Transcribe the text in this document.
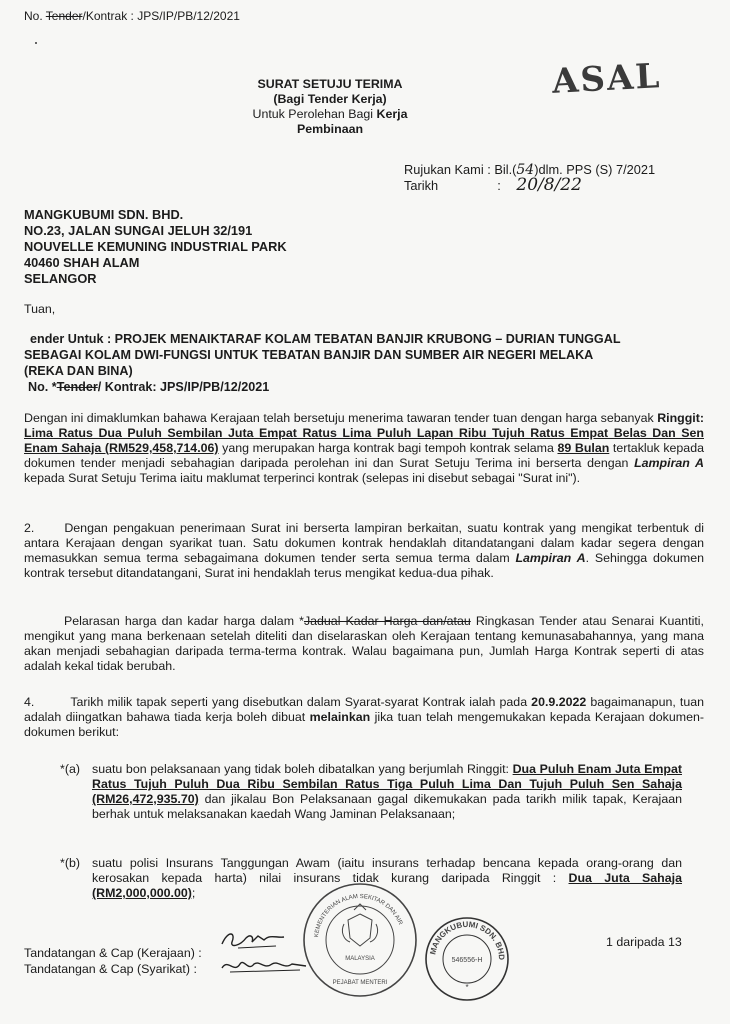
No. Tender/Kontrak : JPS/IP/PB/12/2021
SURAT SETUJU TERIMA
(Bagi Tender Kerja)
Untuk Perolehan Bagi Kerja
Pembinaan
ASAL
Rujukan Kami : Bil.(54)dlm. PPS (S) 7/2021
Tarikh	: 20/8/22
MANGKUBUMI SDN. BHD.
NO.23, JALAN SUNGAI JELUH 32/191
NOUVELLE KEMUNING INDUSTRIAL PARK
40460 SHAH ALAM
SELANGOR
Tuan,
ender Untuk : PROJEK MENAIKTARAF KOLAM TEBATAN BANJIR KRUBONG – DURIAN TUNGGAL
SEBAGAI KOLAM DWI-FUNGSI UNTUK TEBATAN BANJIR DAN SUMBER AIR NEGERI MELAKA
(REKA DAN BINA)
No. *Tender/ Kontrak: JPS/IP/PB/12/2021
Dengan ini dimaklumkan bahawa Kerajaan telah bersetuju menerima tawaran tender tuan dengan harga sebanyak Ringgit: Lima Ratus Dua Puluh Sembilan Juta Empat Ratus Lima Puluh Lapan Ribu Tujuh Ratus Empat Belas Dan Sen Enam Sahaja (RM529,458,714.06) yang merupakan harga kontrak bagi tempoh kontrak selama 89 Bulan tertakluk kepada dokumen tender menjadi sebahagian daripada perolehan ini dan Surat Setuju Terima ini berserta dengan Lampiran A kepada Surat Setuju Terima iaitu maklumat terperinci kontrak (selepas ini disebut sebagai "Surat ini").
2. Dengan pengakuan penerimaan Surat ini berserta lampiran berkaitan, suatu kontrak yang mengikat terbentuk di antara Kerajaan dengan syarikat tuan. Satu dokumen kontrak hendaklah ditandatangani dalam kadar segera dengan memasukkan semua terma sebagaimana dokumen tender serta semua terma dalam Lampiran A. Sehingga dokumen kontrak tersebut ditandatangani, Surat ini hendaklah terus mengikat kedua-dua pihak.
Pelarasan harga dan kadar harga dalam *Jadual Kadar Harga dan/atau Ringkasan Tender atau Senarai Kuantiti, mengikut yang mana berkenaan setelah diteliti dan diselaraskan oleh Kerajaan tentang kemunasabahannya, yang mana akan menjadi sebahagian daripada terma-terma kontrak. Walau bagaimana pun, Jumlah Harga Kontrak seperti di atas adalah kekal tidak berubah.
4.	Tarikh milik tapak seperti yang disebutkan dalam Syarat-syarat Kontrak ialah pada 20.9.2022 bagaimanapun, tuan adalah diingatkan bahawa tiada kerja boleh dibuat melainkan jika tuan telah mengemukakan kepada Kerajaan dokumen-dokumen berikut:
*(a) suatu bon pelaksanaan yang tidak boleh dibatalkan yang berjumlah Ringgit: Dua Puluh Enam Juta Empat Ratus Tujuh Puluh Dua Ribu Sembilan Ratus Tiga Puluh Lima Dan Tujuh Puluh Sen Sahaja (RM26,472,935.70) dan jikalau Bon Pelaksanaan gagal dikemukakan pada tarikh milik tapak, Kerajaan berhak untuk melaksanakan kaedah Wang Jaminan Pelaksanaan;
*(b) suatu polisi Insurans Tanggungan Awam (iaitu insurans terhadap bencana kepada orang-orang dan kerosakan kepada harta) nilai insurans tidak kurang daripada Ringgit : Dua Juta Sahaja (RM2,000,000.00);
Tandatangan & Cap (Kerajaan) :
Tandatangan & Cap (Syarikat) :
KEMENTERIAN ALAM SEKITAR DAN AIR
MALAYSIA
PEJABAT MENTERI
MANGKUBUMI SDN. BHD
546556-H
*
1 daripada 13
